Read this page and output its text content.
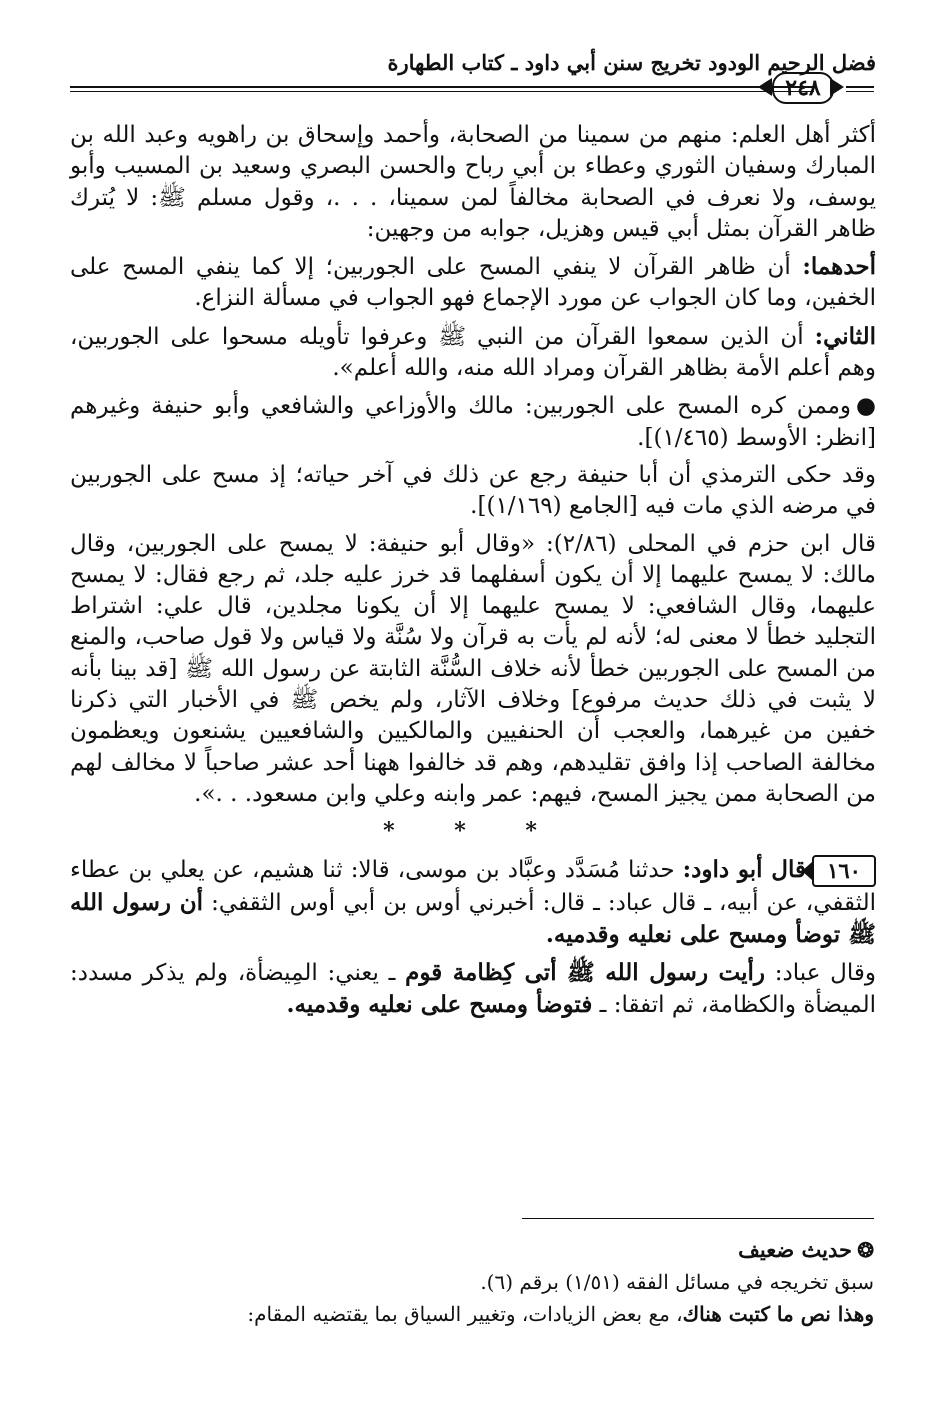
فضل الرحيم الودود تخريج سنن أبي داود ـ كتاب الطهارة
٢٤٨

أكثر أهل العلم: منهم من سمينا من الصحابة، وأحمد وإسحاق بن راهويه وعبد الله بن المبارك وسفيان الثوري وعطاء بن أبي رباح والحسن البصري وسعيد بن المسيب وأبو يوسف، ولا نعرف في الصحابة مخالفاً لمن سمينا، . . .، وقول مسلم ﷺ: لا يُترك ظاهر القرآن بمثل أبي قيس وهزيل، جوابه من وجهين:

أحدهما: أن ظاهر القرآن لا ينفي المسح على الجوربين؛ إلا كما ينفي المسح على الخفين، وما كان الجواب عن مورد الإجماع فهو الجواب في مسألة النزاع.

الثاني: أن الذين سمعوا القرآن من النبي ﷺ وعرفوا تأويله مسحوا على الجوربين، وهم أعلم الأمة بظاهر القرآن ومراد الله منه، والله أعلم».

● وممن كره المسح على الجوربين: مالك والأوزاعي والشافعي وأبو حنيفة وغيرهم [انظر: الأوسط (١/٤٦٥)].

وقد حكى الترمذي أن أبا حنيفة رجع عن ذلك في آخر حياته؛ إذ مسح على الجوربين في مرضه الذي مات فيه [الجامع (١/١٦٩)].

قال ابن حزم في المحلى (٢/٨٦): «وقال أبو حنيفة: لا يمسح على الجوربين، وقال مالك: لا يمسح عليهما إلا أن يكون أسفلهما قد خرز عليه جلد، ثم رجع فقال: لا يمسح عليهما، وقال الشافعي: لا يمسح عليهما إلا أن يكونا مجلدين، قال علي: اشتراط التجليد خطأ لا معنى له؛ لأنه لم يأت به قرآن ولا سُنَّة ولا قياس ولا قول صاحب، والمنع من المسح على الجوربين خطأ لأنه خلاف السُّنَّة الثابتة عن رسول الله ﷺ [قد بينا بأنه لا يثبت في ذلك حديث مرفوع] وخلاف الآثار، ولم يخص ﷺ في الأخبار التي ذكرنا خفين من غيرهما، والعجب أن الحنفيين والمالكيين والشافعيين يشنعون ويعظمون مخالفة الصاحب إذا وافق تقليدهم، وهم قد خالفوا ههنا أحد عشر صاحباً لا مخالف لهم من الصحابة ممن يجيز المسح، فيهم: عمر وابنه وعلي وابن مسعود. . .».

* * *

١٦٠قال أبو داود: حدثنا مُسَدَّد وعبَّاد بن موسى، قالا: ثنا هشيم، عن يعلي بن عطاء الثقفي، عن أبيه، ـ قال عباد: ـ قال: أخبرني أوس بن أبي أوس الثقفي: أن رسول الله ﷺ توضأ ومسح على نعليه وقدميه.

وقال عباد: رأيت رسول الله ﷺ أتى كِظامة قوم ـ يعني: المِيضأة، ولم يذكر مسدد: الميضأة والكظامة، ثم اتفقا: ـ فتوضأ ومسح على نعليه وقدميه.

❂حديث ضعيف

سبق تخريجه في مسائل الفقه (١/٥١) برقم (٦).

وهذا نص ما كتبت هناك، مع بعض الزيادات، وتغيير السياق بما يقتضيه المقام:
